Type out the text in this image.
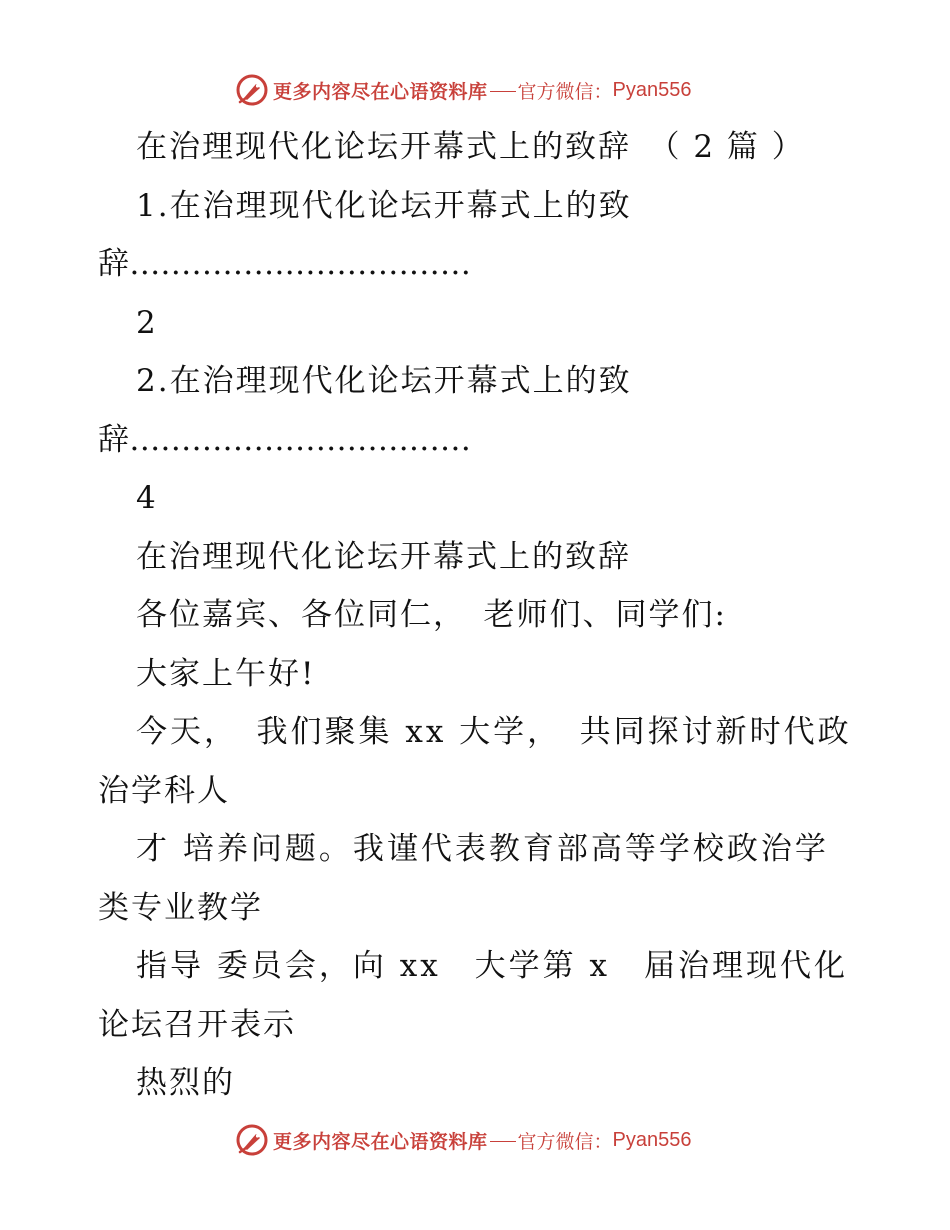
更多内容尽在心语资料库 官方微信： Pyan556
在治理现代化论坛开幕式上的致辞　（ 2 篇 ）
1.在治理现代化论坛开幕式上的致
辞.................................
2
2.在治理现代化论坛开幕式上的致
辞.................................
4
在治理现代化论坛开幕式上的致辞
各位嘉宾、各位同仁，　老师们、同学们:
大家上午好!
今天，　我们聚集 xx 大学，　共同探讨新时代政
治学科人
才 培养问题。我谨代表教育部高等学校政治学
类专业教学
指导 委员会，向 xx　大学第 x　届治理现代化
论坛召开表示
热烈的
更多内容尽在心语资料库 官方微信： Pyan556
